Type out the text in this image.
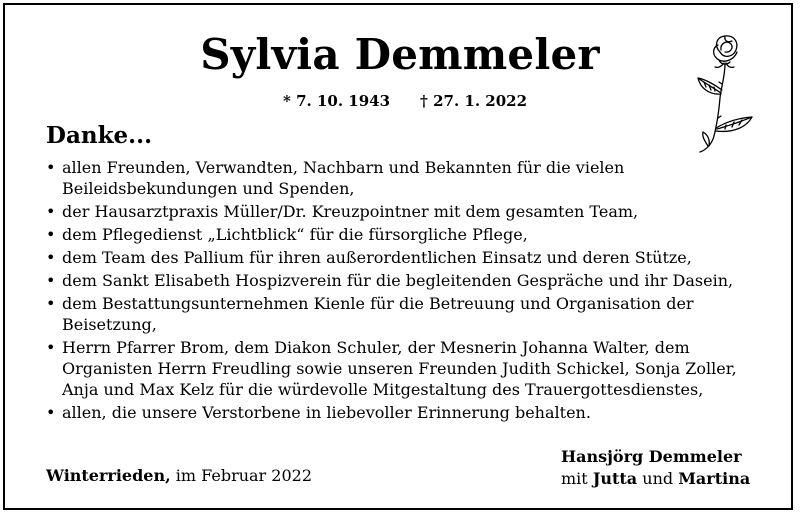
Sylvia Demmeler
* 7. 10. 1943 † 27. 1. 2022
Danke...
• allen Freunden, Verwandten, Nachbarn und Bekannten für die vielen Beileidsbekundungen und Spenden,
• der Hausarztpraxis Müller/Dr. Kreuzpointner mit dem gesamten Team,
• dem Pflegedienst „Lichtblick“ für die fürsorgliche Pflege,
• dem Team des Pallium für ihren außerordentlichen Einsatz und deren Stütze,
• dem Sankt Elisabeth Hospizverein für die begleitenden Gespräche und ihr Dasein,
• dem Bestattungsunternehmen Kienle für die Betreuung und Organisation der Beisetzung,
• Herrn Pfarrer Brom, dem Diakon Schuler, der Mesnerin Johanna Walter, dem Organisten Herrn Freudling sowie unseren Freunden Judith Schickel, Sonja Zoller, Anja und Max Kelz für die würdevolle Mitgestaltung des Trauergottesdienstes,
• allen, die unsere Verstorbene in liebevoller Erinnerung behalten.
Winterrieden, im Februar 2022
Hansjörg Demmeler
mit Jutta und Martina
